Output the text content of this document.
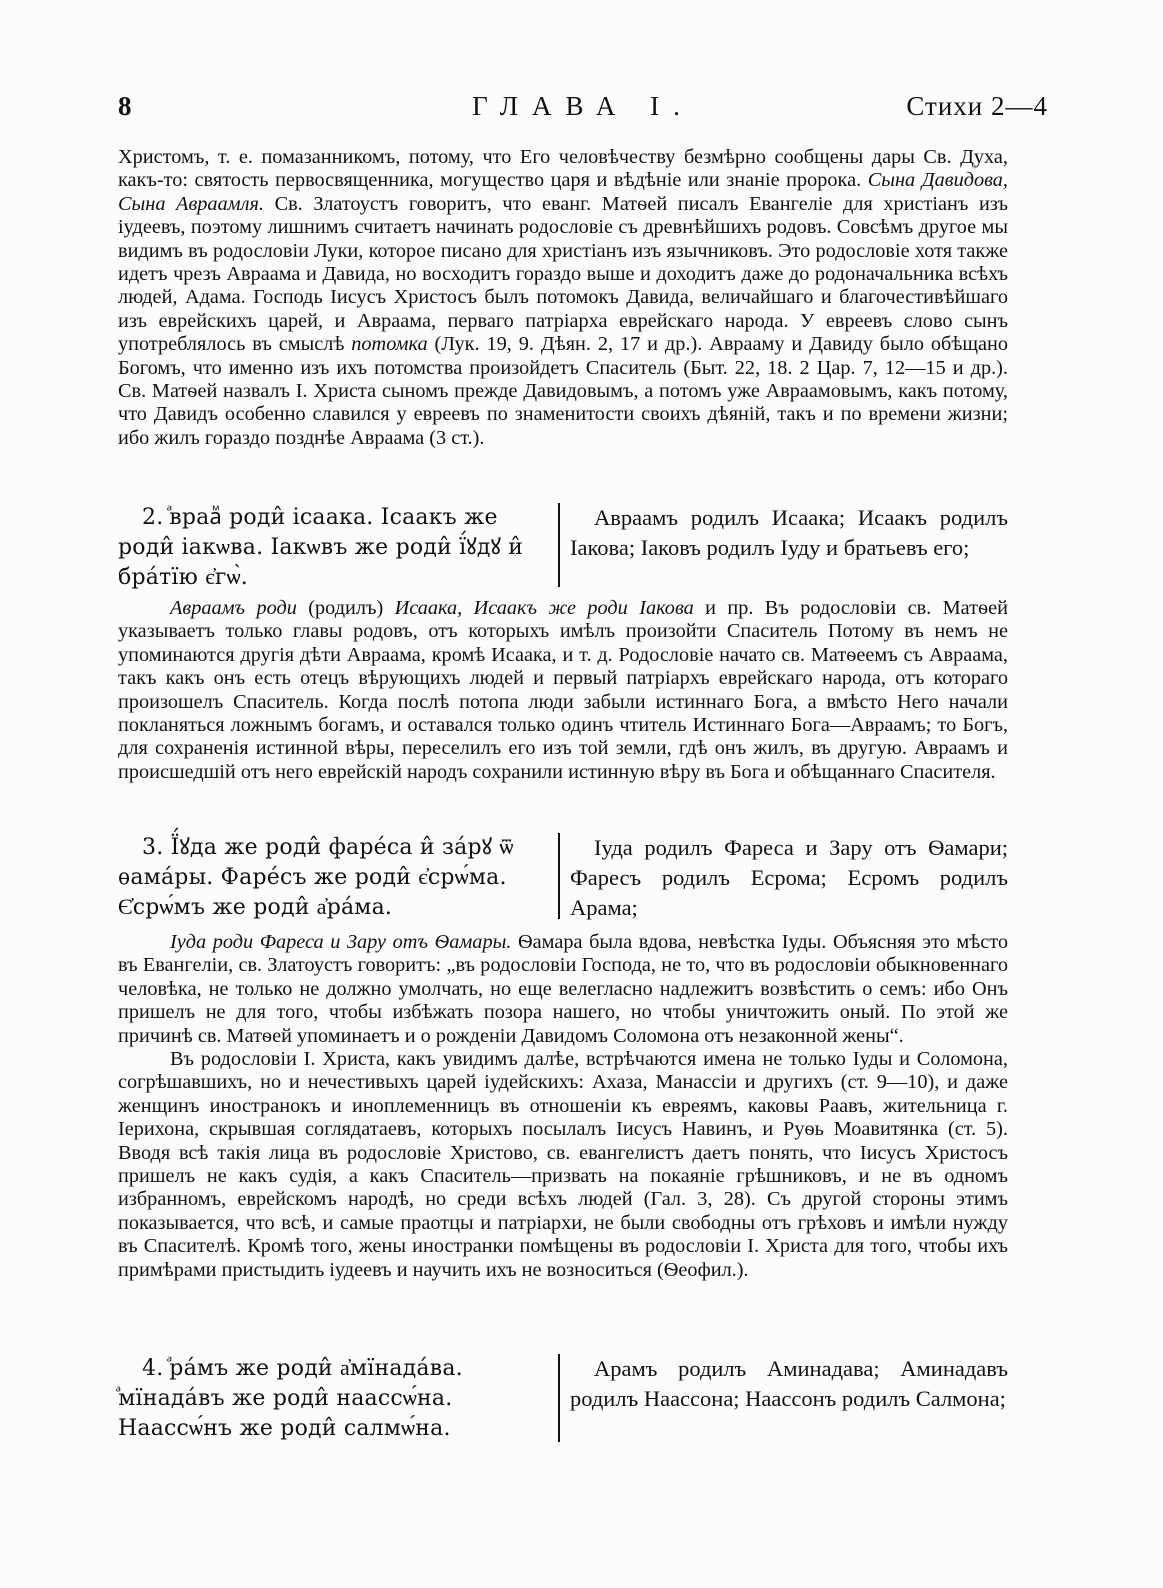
8	ГЛАВА І.	Стихи 2—4

Христомъ, т. е. помазанникомъ, потому, что Его человѣчеству безмѣрно сообщены дары Св. Духа, какъ-то: святость первосвященника, могущество царя и вѣдѣніе или знаніе пророка. Сына Давидова, Сына Авраамля. Св. Златоустъ говоритъ, что еванг. Матѳей писалъ Евангеліе для христіанъ изъ іудеевъ, поэтому лишнимъ считаетъ начинать родословіе съ древнѣйшихъ родовъ. Совсѣмъ другое мы видимъ въ родословіи Луки, которое писано для христіанъ изъ язычниковъ. Это родословіе хотя также идетъ чрезъ Авраама и Давида, но восходитъ гораздо выше и доходитъ даже до родоначальника всѣхъ людей, Адама. Господь Іисусъ Христосъ былъ потомокъ Давида, величайшаго и благочестивѣйшаго изъ еврейскихъ царей, и Авраама, перваго патріарха еврейскаго народа. У евреевъ слово сынъ употреблялось въ смыслѣ потомка (Лук. 19, 9. Дѣян. 2, 17 и др.). Аврааму и Давиду было обѣщано Богомъ, что именно изъ ихъ потомства произойдетъ Спаситель (Быт. 22, 18. 2 Цар. 7, 12—15 и др.). Св. Матѳей назвалъ І. Христа сыномъ прежде Давидовымъ, а потомъ уже Авраамовымъ, какъ потому, что Давидъ особенно славился у евреевъ по знаменитости своихъ дѣяній, такъ и по времени жизни; ибо жилъ гораздо позднѣе Авраама (3 ст.).

2. ⷶврааⷨ роди̂ ісаака. Ісаакъ же роди̂ іакѡва. Іакѡвъ же роди̂ ї́ꙋдꙋ и̂ бра́тїю є҆гѡ̀.
Авраамъ родилъ Исаака; Исаакъ родилъ Іакова; Іаковъ родилъ Іуду и братьевъ его;

Авраамъ роди (родилъ) Исаака, Исаакъ же роди Іакова и пр. Въ родословіи св. Матѳей указываетъ только главы родовъ, отъ которыхъ имѣлъ произойти Спаситель Потому въ немъ не упоминаются другія дѣти Авраама, кромѣ Исаака, и т. д. Родословіе начато св. Матѳеемъ съ Авраама, такъ какъ онъ есть отецъ вѣрующихъ людей и первый патріархъ еврейскаго народа, отъ котораго произошелъ Спаситель. Когда послѣ потопа люди забыли истиннаго Бога, а вмѣсто Него начали покланяться ложнымъ богамъ, и оставался только одинъ чтитель Истиннаго Бога—Авраамъ; то Богъ, для сохраненія истинной вѣры, переселилъ его изъ той земли, гдѣ онъ жилъ, въ другую. Авраамъ и происшедшій отъ него еврейскій народъ сохранили истинную вѣру въ Бога и обѣщаннаго Спасителя.

3. Ї́ꙋда же роди̂ фаре́са и̂ за́рꙋ ѿ ѳама́ры. Фаре́съ же роди̂ є҆срѡ́ма. Є҆срѡ́мъ же роди̂ а҆ра́ма.
Іуда родилъ Фареса и Зару отъ Ѳамари; Фаресъ родилъ Есрома; Есромъ родилъ Арама;

Іуда роди Фареса и Зару отъ Ѳамары. Ѳамара была вдова, невѣстка Іуды. Объясняя это мѣсто въ Евангеліи, св. Златоустъ говоритъ: „въ родословіи Господа, не то, что въ родословіи обыкновеннаго человѣка, не только не должно умолчать, но еще велегласно надлежитъ возвѣстить о семъ: ибо Онъ пришелъ не для того, чтобы избѣжать позора нашего, но чтобы уничтожить оный. По этой же причинѣ св. Матѳей упоминаетъ и о рожденіи Давидомъ Соломона отъ незаконной жены“.

Въ родословіи І. Христа, какъ увидимъ далѣе, встрѣчаются имена не только Іуды и Соломона, согрѣшавшихъ, но и нечестивыхъ царей іудейскихъ: Ахаза, Манассіи и другихъ (ст. 9—10), и даже женщинъ иностранокъ и иноплеменницъ въ отношеніи къ евреямъ, каковы Раавъ, жительница г. Іерихона, скрывшая соглядатаевъ, которыхъ посылалъ Іисусъ Навинъ, и Руѳь Моавитянка (ст. 5). Вводя всѣ такія лица въ родословіе Христово, св. евангелистъ даетъ понять, что Іисусъ Христосъ пришелъ не какъ судія, а какъ Спаситель—призвать на покаяніе грѣшниковъ, и не въ одномъ избранномъ, еврейскомъ народѣ, но среди всѣхъ людей (Гал. 3, 28). Съ другой стороны этимъ показывается, что всѣ, и самые праотцы и патріархи, не были свободны отъ грѣховъ и имѣли нужду въ Спасителѣ. Кромѣ того, жены иностранки помѣщены въ родословіи І. Христа для того, чтобы ихъ примѣрами пристыдить іудеевъ и научить ихъ не возноситься (Ѳеофил.).

4. ⷶра́мъ же роди̂ а҆мїнада́ва. ⷶмїнада́въ же роди̂ наассѡ́на. Наассѡ́нъ же роди̂ салмѡ́на.
Арамъ родилъ Аминадава; Аминадавъ родилъ Наассона; Наассонъ родилъ Салмона;
